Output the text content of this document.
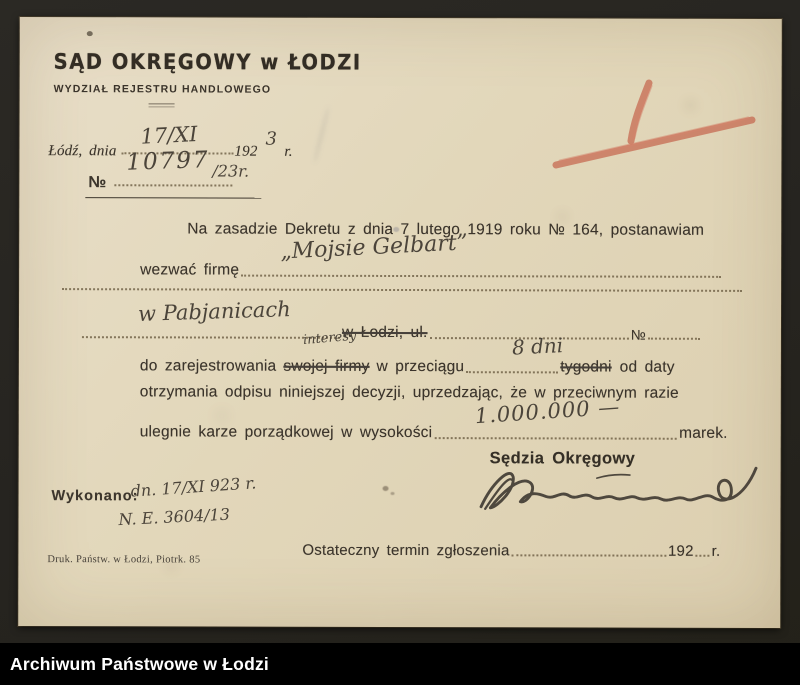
SĄD OKRĘGOWY w ŁODZI
WYDZIAŁ REJESTRU HANDLOWEGO
Łódź, dnia
17/XI
192
3
r.
№
10797 /23r.
Na zasadzie Dekretu z dnia 7 lutego 1919 roku № 164, postanawiam
wezwać firmę
„Mojsie Gelbart”
w Łodzi, ul.	№
w Pabjanicach
do zarejestrowania swojej firmy w przeciągu	tygodni od daty
8 dni
interesy
otrzymania odpisu niniejszej decyzji, uprzedzając, że w przeciwnym razie
ulegnie karze porządkowej w wysokości	marek.
1.000.000 —
Sędzia Okręgowy
Wykonano:
dn. 17/XI 923 r.
N. E. 3604/13
Ostateczny termin zgłoszenia	192 r.
Druk. Państw. w Łodzi, Piotrk. 85
Archiwum Państwowe w Łodzi
